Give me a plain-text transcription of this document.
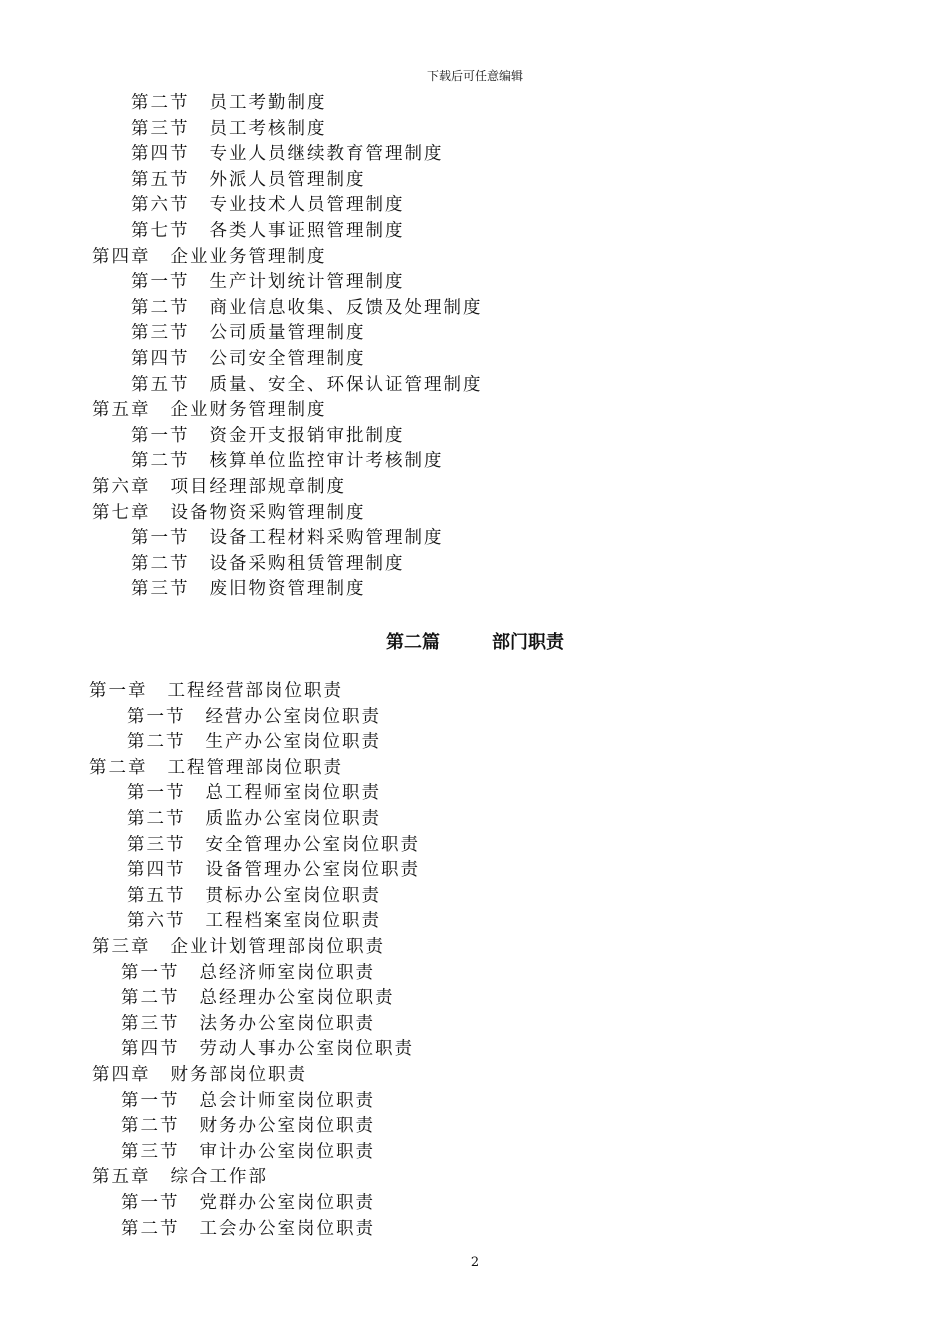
下载后可任意编辑
第二节 员工考勤制度
第三节 员工考核制度
第四节 专业人员继续教育管理制度
第五节 外派人员管理制度
第六节 专业技术人员管理制度
第七节 各类人事证照管理制度
第四章 企业业务管理制度
第一节 生产计划统计管理制度
第二节 商业信息收集、反馈及处理制度
第三节 公司质量管理制度
第四节 公司安全管理制度
第五节 质量、安全、环保认证管理制度
第五章 企业财务管理制度
第一节 资金开支报销审批制度
第二节 核算单位监控审计考核制度
第六章 项目经理部规章制度
第七章 设备物资采购管理制度
第一节 设备工程材料采购管理制度
第二节 设备采购租赁管理制度
第三节 废旧物资管理制度
第二篇	部门职责
第一章 工程经营部岗位职责
第一节 经营办公室岗位职责
第二节 生产办公室岗位职责
第二章 工程管理部岗位职责
第一节 总工程师室岗位职责
第二节 质监办公室岗位职责
第三节 安全管理办公室岗位职责
第四节 设备管理办公室岗位职责
第五节 贯标办公室岗位职责
第六节 工程档案室岗位职责
第三章 企业计划管理部岗位职责
第一节 总经济师室岗位职责
第二节 总经理办公室岗位职责
第三节 法务办公室岗位职责
第四节 劳动人事办公室岗位职责
第四章 财务部岗位职责
第一节 总会计师室岗位职责
第二节 财务办公室岗位职责
第三节 审计办公室岗位职责
第五章 综合工作部
第一节 党群办公室岗位职责
第二节 工会办公室岗位职责
2
